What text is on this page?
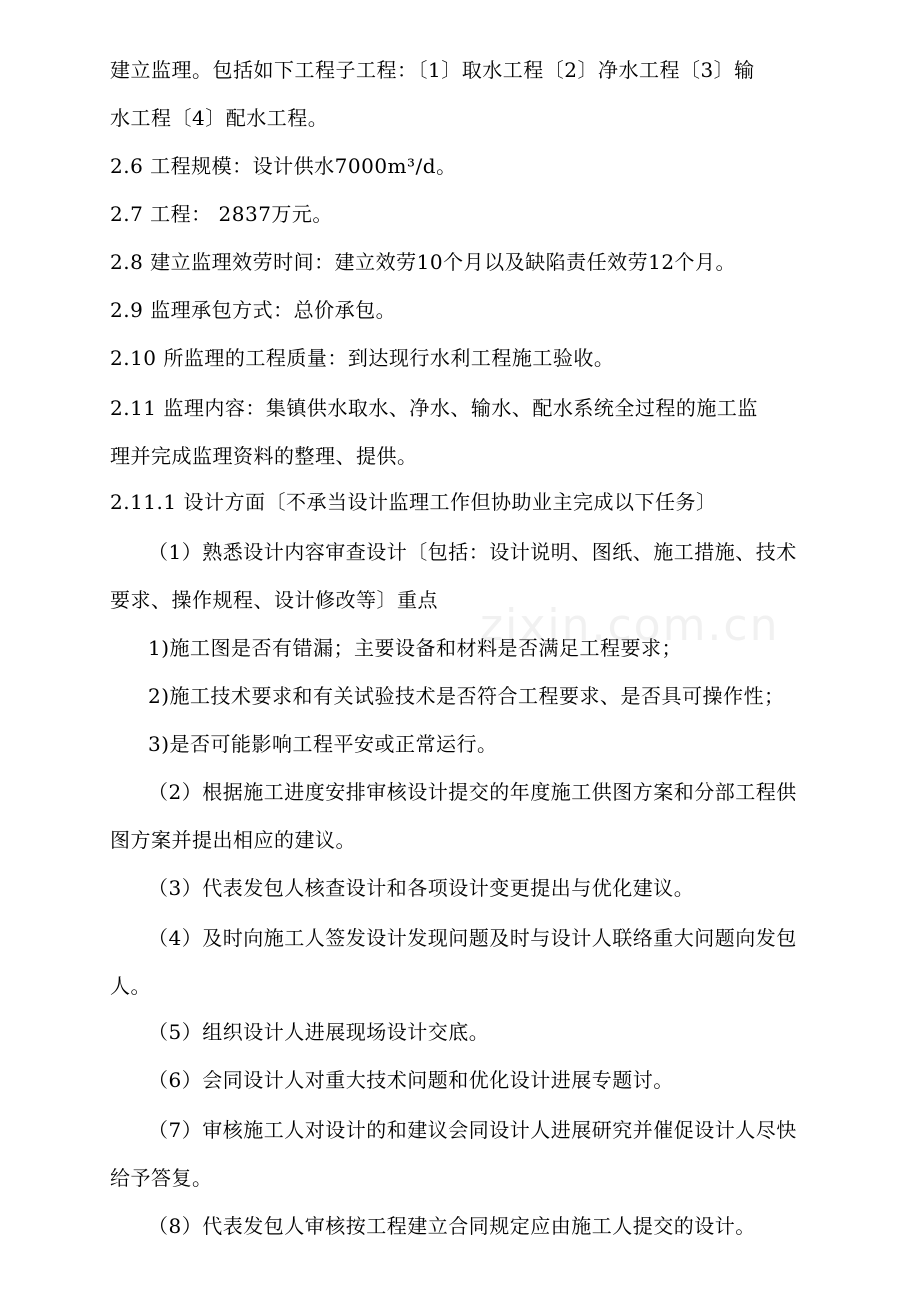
zixin.com.cn
建立监理。包括如下工程子工程：〔1〕取水工程〔2〕净水工程〔3〕输
水工程〔4〕配水工程。
2.6 工程规模：设计供水7000m³/d。
2.7 工程： 2837万元。
2.8 建立监理效劳时间：建立效劳10个月以及缺陷责任效劳12个月。
2.9 监理承包方式：总价承包。
2.10 所监理的工程质量：到达现行水利工程施工验收。
2.11 监理内容：集镇供水取水、净水、输水、配水系统全过程的施工监
理并完成监理资料的整理、提供。
2.11.1 设计方面〔不承当设计监理工作但协助业主完成以下任务〕
（1）熟悉设计内容审查设计〔包括：设计说明、图纸、施工措施、技术
要求、操作规程、设计修改等〕重点
1)施工图是否有错漏；主要设备和材料是否满足工程要求；
2)施工技术要求和有关试验技术是否符合工程要求、是否具可操作性；
3)是否可能影响工程平安或正常运行。
（2）根据施工进度安排审核设计提交的年度施工供图方案和分部工程供
图方案并提出相应的建议。
（3）代表发包人核查设计和各项设计变更提出与优化建议。
（4）及时向施工人签发设计发现问题及时与设计人联络重大问题向发包
人。
（5）组织设计人进展现场设计交底。
（6）会同设计人对重大技术问题和优化设计进展专题讨。
（7）审核施工人对设计的和建议会同设计人进展研究并催促设计人尽快
给予答复。
（8）代表发包人审核按工程建立合同规定应由施工人提交的设计。
